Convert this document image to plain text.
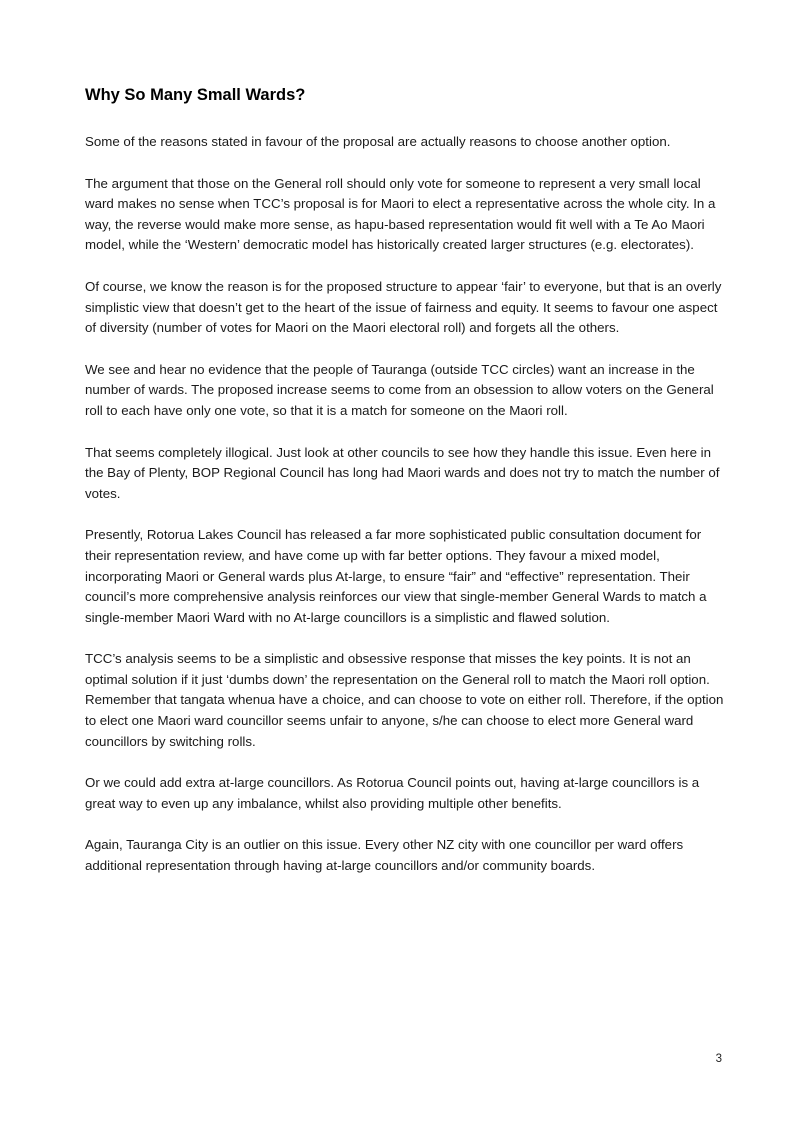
Why So Many Small Wards?

Some of the reasons stated in favour of the proposal are actually reasons to choose another option.

The argument that those on the General roll should only vote for someone to represent a very small local ward makes no sense when TCC’s proposal is for Maori to elect a representative across the whole city. In a way, the reverse would make more sense, as hapu-based representation would fit well with a Te Ao Maori model, while the ‘Western’ democratic model has historically created larger structures (e.g. electorates).

Of course, we know the reason is for the proposed structure to appear ‘fair’ to everyone, but that is an overly simplistic view that doesn’t get to the heart of the issue of fairness and equity. It seems to favour one aspect of diversity (number of votes for Maori on the Maori electoral roll) and forgets all the others.

We see and hear no evidence that the people of Tauranga (outside TCC circles) want an increase in the number of wards. The proposed increase seems to come from an obsession to allow voters on the General roll to each have only one vote, so that it is a match for someone on the Maori roll.

That seems completely illogical. Just look at other councils to see how they handle this issue. Even here in the Bay of Plenty, BOP Regional Council has long had Maori wards and does not try to match the number of votes.

Presently, Rotorua Lakes Council has released a far more sophisticated public consultation document for their representation review, and have come up with far better options. They favour a mixed model, incorporating Maori or General wards plus At-large, to ensure “fair” and “effective” representation. Their council’s more comprehensive analysis reinforces our view that single-member General Wards to match a single-member Maori Ward with no At-large councillors is a simplistic and flawed solution.

TCC’s analysis seems to be a simplistic and obsessive response that misses the key points. It is not an optimal solution if it just ‘dumbs down’ the representation on the General roll to match the Maori roll option. Remember that tangata whenua have a choice, and can choose to vote on either roll. Therefore, if the option to elect one Maori ward councillor seems unfair to anyone, s/he can choose to elect more General ward councillors by switching rolls.

Or we could add extra at-large councillors. As Rotorua Council points out, having at-large councillors is a great way to even up any imbalance, whilst also providing multiple other benefits.

Again, Tauranga City is an outlier on this issue. Every other NZ city with one councillor per ward offers additional representation through having at-large councillors and/or community boards.

3
